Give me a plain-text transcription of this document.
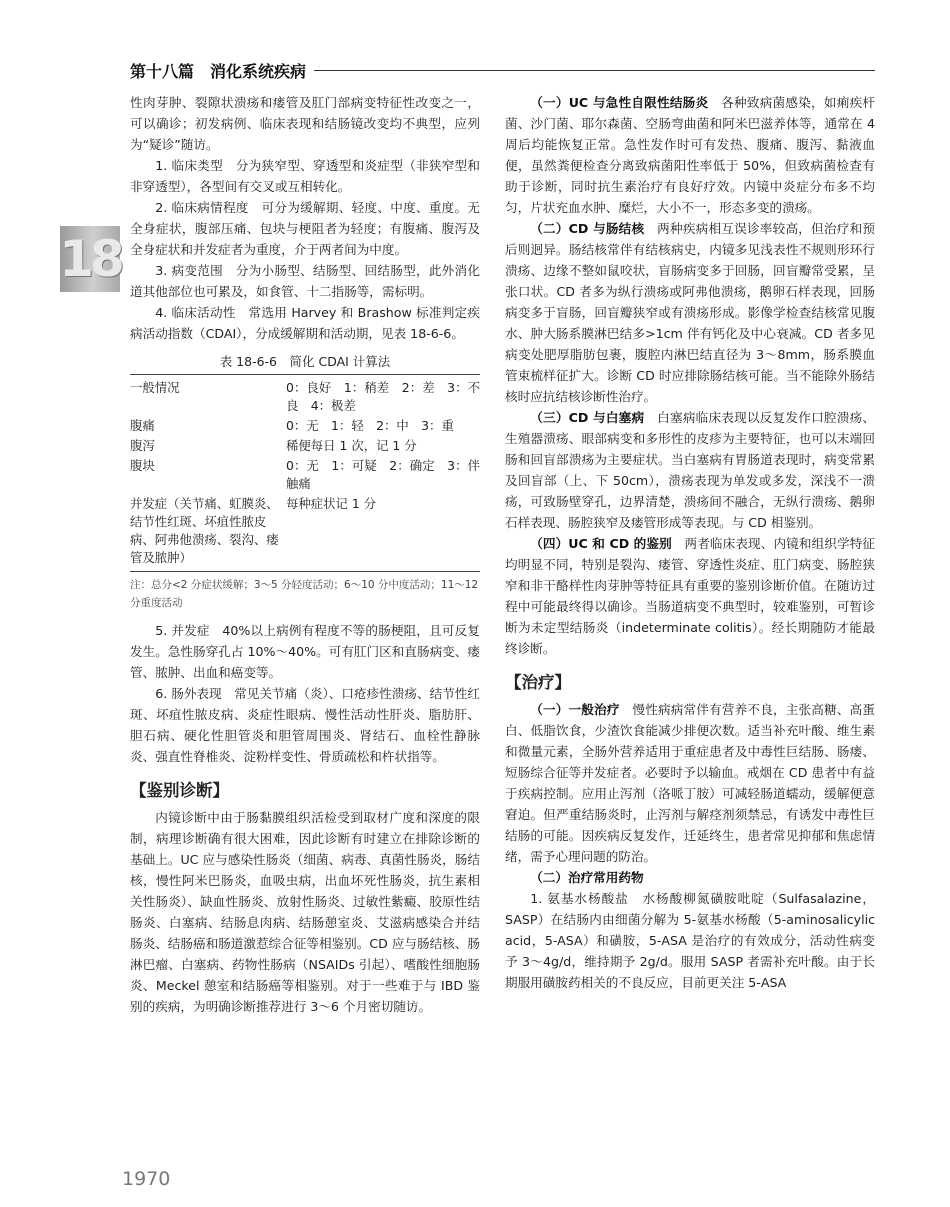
第十八篇　消化系统疾病
18

性肉芽肿、裂隙状溃疡和瘘管及肛门部病变特征性改变之一，可以确诊；初发病例、临床表现和结肠镜改变均不典型，应列为“疑诊”随访。

1. 临床类型　 分为狭窄型、穿透型和炎症型（非狭窄型和非穿透型），各型间有交叉或互相转化。

2. 临床病情程度　 可分为缓解期、轻度、中度、重度。无全身症状，腹部压痛、包块与梗阻者为轻度；有腹痛、腹泻及全身症状和并发症者为重度，介于两者间为中度。

3. 病变范围　 分为小肠型、结肠型、回结肠型，此外消化道其他部位也可累及，如食管、十二指肠等，需标明。

4. 临床活动性　 常选用 Harvey 和 Brashow 标准判定疾病活动指数（CDAI），分成缓解期和活动期，见表 18-6-6。

表 18-6-6　简化 CDAI 计算法
一般情况	0：良好　1：稍差　2：差　3：不良　4：极差
腹痛	0：无　1：轻　2：中　3：重
腹泻	稀便每日 1 次，记 1 分
腹块	0：无　1：可疑　2：确定　3：伴触痛
并发症（关节痛、虹膜炎、结节性红斑、坏疽性脓皮病、阿弗他溃疡、裂沟、瘘管及脓肿）	每种症状记 1 分
注：总分<2 分症状缓解；3～5 分轻度活动；6～10 分中度活动；11～12 分重度活动

5. 并发症　 40%以上病例有程度不等的肠梗阻，且可反复发生。急性肠穿孔占 10%～40%。可有肛门区和直肠病变、瘘管、脓肿、出血和癌变等。

6. 肠外表现　 常见关节痛（炎）、口疮疹性溃疡、结节性红斑、坏疽性脓皮病、炎症性眼病、慢性活动性肝炎、脂肪肝、胆石病、硬化性胆管炎和胆管周围炎、肾结石、血栓性静脉炎、强直性脊椎炎、淀粉样变性、骨质疏松和杵状指等。

【鉴别诊断】

内镜诊断中由于肠黏膜组织活检受到取材广度和深度的限制，病理诊断确有很大困难，因此诊断有时建立在排除诊断的基础上。UC 应与感染性肠炎（细菌、病毒、真菌性肠炎，肠结核，慢性阿米巴肠炎，血吸虫病，出血坏死性肠炎，抗生素相关性肠炎）、缺血性肠炎、放射性肠炎、过敏性紫癜、胶原性结肠炎、白塞病、结肠息肉病、结肠憩室炎、艾滋病感染合并结肠炎、结肠癌和肠道激惹综合征等相鉴别。CD 应与肠结核、肠淋巴瘤、白塞病、药物性肠病（NSAIDs 引起）、嗜酸性细胞肠炎、Meckel 憩室和结肠癌等相鉴别。对于一些难于与 IBD 鉴别的疾病，为明确诊断推荐进行 3～6 个月密切随访。

（一）UC 与急性自限性结肠炎　 各种致病菌感染，如痢疾杆菌、沙门菌、耶尔森菌、空肠弯曲菌和阿米巴滋养体等，通常在 4 周后均能恢复正常。急性发作时可有发热、腹痛、腹泻、黏液血便，虽然粪便检查分离致病菌阳性率低于 50%，但致病菌检查有助于诊断，同时抗生素治疗有良好疗效。内镜中炎症分布多不均匀，片状充血水肿、糜烂，大小不一，形态多变的溃疡。

（二）CD 与肠结核　 两种疾病相互误诊率较高，但治疗和预后则迥异。肠结核常伴有结核病史，内镜多见浅表性不规则形环行溃疡、边缘不整如鼠咬状，盲肠病变多于回肠，回盲瓣常受累，呈张口状。CD 者多为纵行溃疡或阿弗他溃疡，鹅卵石样表现，回肠病变多于盲肠，回盲瓣狭窄或有溃疡形成。影像学检查结核常见腹水、肿大肠系膜淋巴结多>1cm 伴有钙化及中心衰减。CD 者多见病变处肥厚脂肪包裹，腹腔内淋巴结直径为 3～8mm，肠系膜血管束梳样征扩大。诊断 CD 时应排除肠结核可能。当不能除外肠结核时应抗结核诊断性治疗。

（三）CD 与白塞病　 白塞病临床表现以反复发作口腔溃疡、生殖器溃疡、眼部病变和多形性的皮疹为主要特征，也可以末端回肠和回盲部溃疡为主要症状。当白塞病有胃肠道表现时，病变常累及回盲部（上、下 50cm），溃疡表现为单发或多发，深浅不一溃疡，可致肠壁穿孔，边界清楚，溃疡间不融合，无纵行溃疡、鹅卵石样表现、肠腔狭窄及瘘管形成等表现。与 CD 相鉴别。

（四）UC 和 CD 的鉴别　 两者临床表现、内镜和组织学特征均明显不同，特别是裂沟、瘘管、穿透性炎症、肛门病变、肠腔狭窄和非干酪样性肉芽肿等特征具有重要的鉴别诊断价值。在随访过程中可能最终得以确诊。当肠道病变不典型时，较难鉴别，可暂诊断为未定型结肠炎（indeterminate colitis）。经长期随防才能最终诊断。

【治疗】

（一）一般治疗　 慢性病病常伴有营养不良，主张高糖、高蛋白、低脂饮食，少渣饮食能减少排便次数。适当补充叶酸、维生素和微量元素，全肠外营养适用于重症患者及中毒性巨结肠、肠瘘、短肠综合征等并发症者。必要时予以输血。戒烟在 CD 患者中有益于疾病控制。应用止泻剂（洛哌丁胺）可减轻肠道蠕动，缓解便意窘迫。但严重结肠炎时，止泻剂与解痉剂须禁忌，有诱发中毒性巨结肠的可能。因疾病反复发作，迁延终生，患者常见抑郁和焦虑情绪，需予心理问题的防治。

（二）治疗常用药物

1. 氨基水杨酸盐　 水杨酸柳氮磺胺吡啶（Sulfasalazine，SASP）在结肠内由细菌分解为 5-氨基水杨酸（5-aminosalicylic acid，5-ASA）和磺胺，5-ASA 是治疗的有效成分，活动性病变予 3～4g/d，维持期予 2g/d。服用 SASP 者需补充叶酸。由于长期服用磺胺药相关的不良反应，目前更关注 5-ASA

1970
